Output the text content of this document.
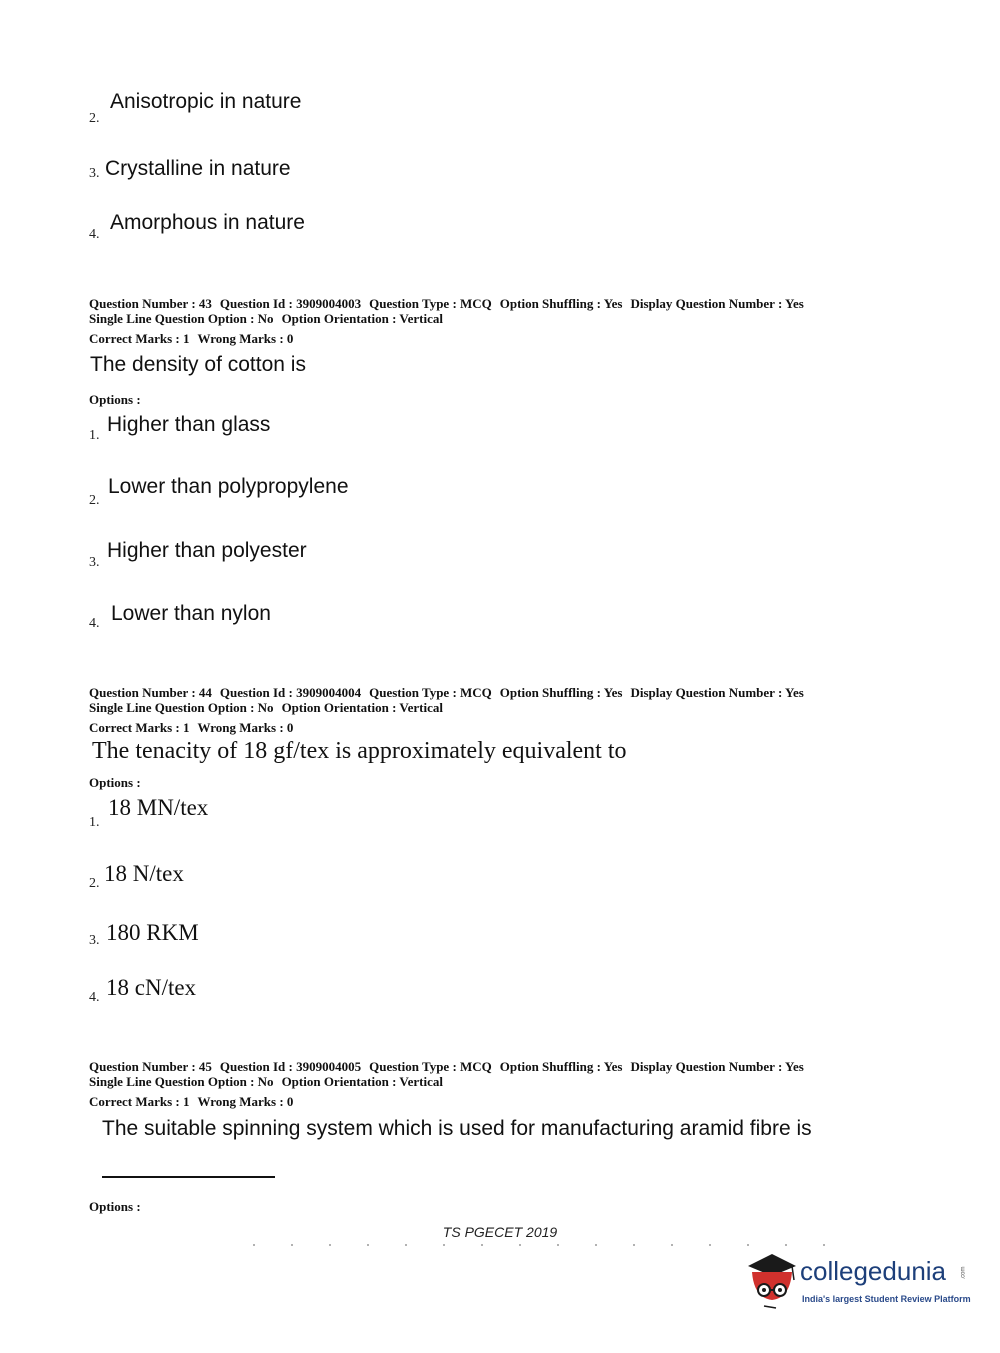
2.
Anisotropic in nature
3. Crystalline in nature
4.
Amorphous in nature
Question Number : 43 Question Id : 3909004003 Question Type : MCQ Option Shuffling : Yes Display Question Number : Yes
Single Line Question Option : No Option Orientation : Vertical
Correct Marks : 1 Wrong Marks : 0
The density of cotton is
Options :
1. Higher than glass
2.
Lower than polypropylene
3.
Higher than polyester
4. Lower than nylon
Question Number : 44 Question Id : 3909004004 Question Type : MCQ Option Shuffling : Yes Display Question Number : Yes
Single Line Question Option : No Option Orientation : Vertical
Correct Marks : 1 Wrong Marks : 0
The tenacity of 18 gf/tex is approximately equivalent to
Options :
1.
18 MN/tex
2. 18 N/tex
3. 180 RKM
4. 18 cN/tex
Question Number : 45 Question Id : 3909004005 Question Type : MCQ Option Shuffling : Yes Display Question Number : Yes
Single Line Question Option : No Option Orientation : Vertical
Correct Marks : 1 Wrong Marks : 0
The suitable spinning system which is used for manufacturing aramid fibre is
Options :
TS PGECET 2019
collegedunia .com
India's largest Student Review Platform
